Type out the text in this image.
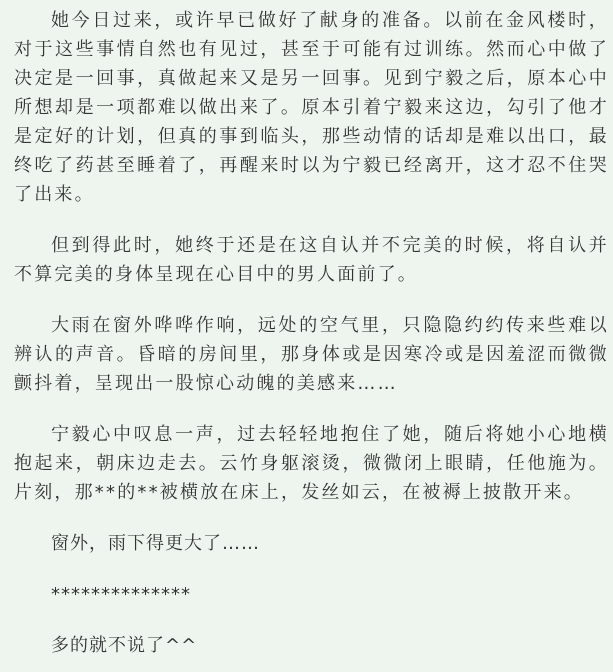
她今日过来，或许早已做好了献身的准备。以前在金风楼时，对于这些事情自然也有见过，甚至于可能有过训练。然而心中做了决定是一回事，真做起来又是另一回事。见到宁毅之后，原本心中所想却是一项都难以做出来了。原本引着宁毅来这边，勾引了他才是定好的计划，但真的事到临头，那些动情的话却是难以出口，最终吃了药甚至睡着了，再醒来时以为宁毅已经离开，这才忍不住哭了出来。

但到得此时，她终于还是在这自认并不完美的时候，将自认并不算完美的身体呈现在心目中的男人面前了。

大雨在窗外哗哗作响，远处的空气里，只隐隐约约传来些难以辨认的声音。昏暗的房间里，那身体或是因寒冷或是因羞涩而微微颤抖着，呈现出一股惊心动魄的美感来……

宁毅心中叹息一声，过去轻轻地抱住了她，随后将她小心地横抱起来，朝床边走去。云竹身躯滚烫，微微闭上眼睛，任他施为。片刻，那**的**被横放在床上，发丝如云，在被褥上披散开来。

窗外，雨下得更大了……

**************

多的就不说了^^
